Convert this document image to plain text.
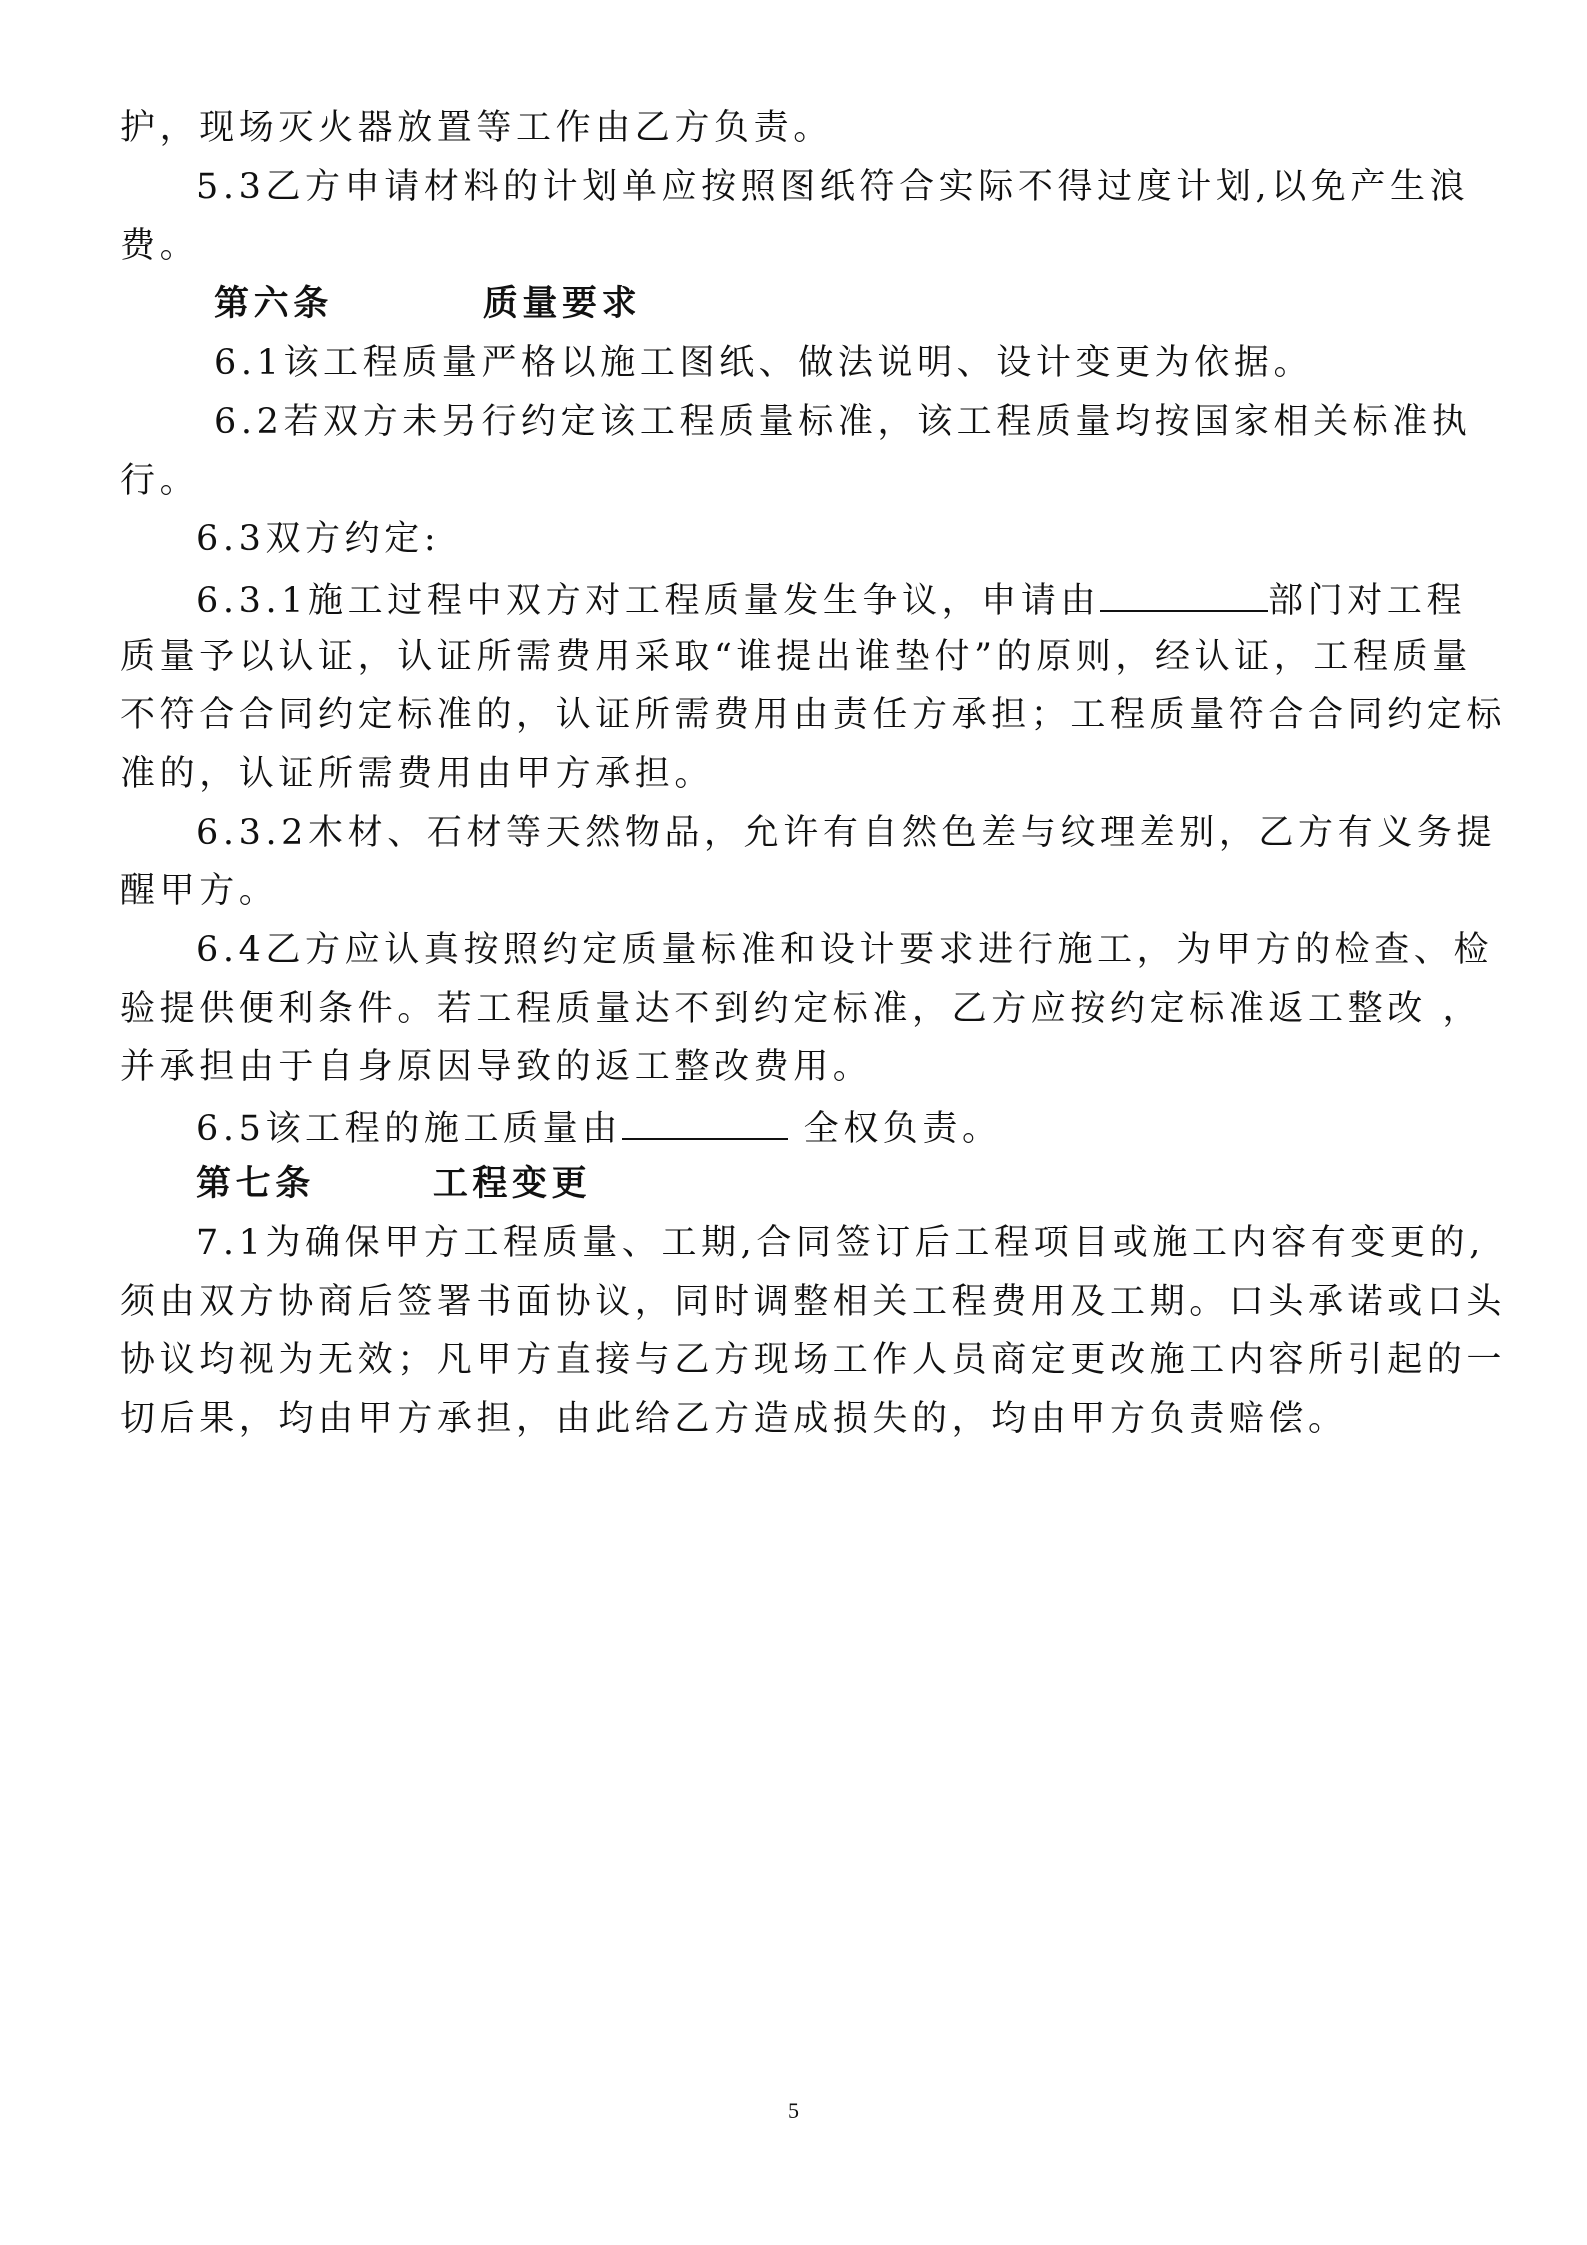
护，现场灭火器放置等工作由乙方负责。
5.3乙方申请材料的计划单应按照图纸符合实际不得过度计划,以免产生浪
费。
第六条	质量要求
6.1该工程质量严格以施工图纸、做法说明、设计变更为依据。
6.2若双方未另行约定该工程质量标准，该工程质量均按国家相关标准执
行。
6.3双方约定:
6.3.1施工过程中双方对工程质量发生争议，申请由	部门对工程
质量予以认证，认证所需费用采取“谁提出谁垫付”的原则，经认证，工程质量
不符合合同约定标准的，认证所需费用由责任方承担；工程质量符合合同约定标
准的，认证所需费用由甲方承担。
6.3.2木材、石材等天然物品，允许有自然色差与纹理差别，乙方有义务提
醒甲方。
6.4乙方应认真按照约定质量标准和设计要求进行施工，为甲方的检查、检
验提供便利条件。若工程质量达不到约定标准，乙方应按约定标准返工整改 ，
并承担由于自身原因导致的返工整改费用。
6.5该工程的施工质量由	全权负责。
第七条	工程变更
7.1为确保甲方工程质量、工期,合同签订后工程项目或施工内容有变更的,
须由双方协商后签署书面协议，同时调整相关工程费用及工期。口头承诺或口头
协议均视为无效；凡甲方直接与乙方现场工作人员商定更改施工内容所引起的一
切后果，均由甲方承担，由此给乙方造成损失的，均由甲方负责赔偿。
5
